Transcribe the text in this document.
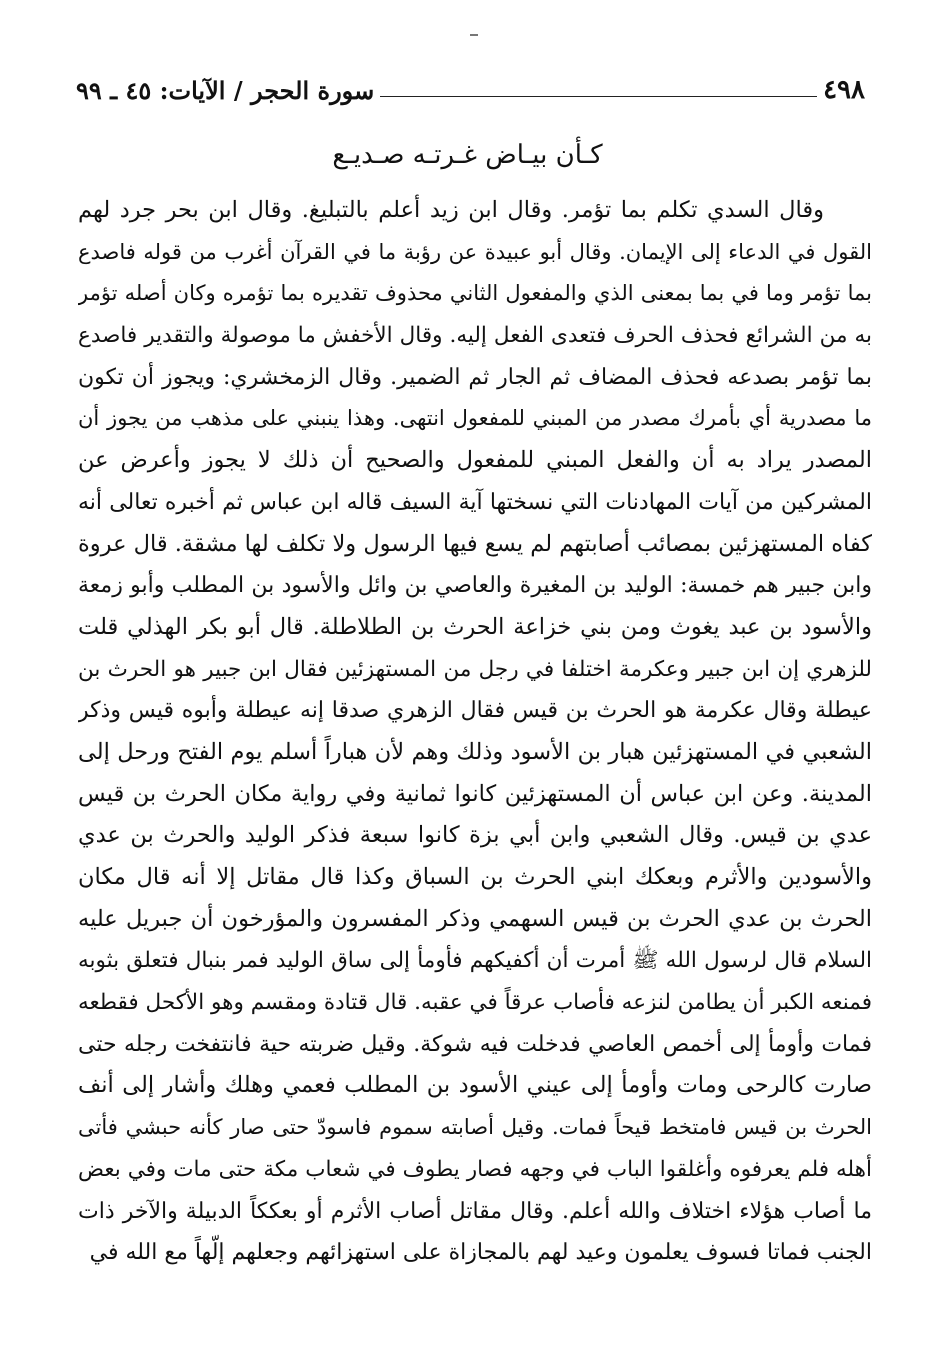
٤٩٨
سورة الحجر / الآيات: ٤٥ ـ ٩٩
كـأن بيـاض غـرتـه صـديـع
وقال السدي تكلم بما تؤمر. وقال ابن زيد أعلم بالتبليغ. وقال ابن بحر جرد لهم
القول في الدعاء إلى الإيمان. وقال أبو عبيدة عن رؤبة ما في القرآن أغرب من قوله فاصدع
بما تؤمر وما في بما بمعنى الذي والمفعول الثاني محذوف تقديره بما تؤمره وكان أصله تؤمر
به من الشرائع فحذف الحرف فتعدى الفعل إليه. وقال الأخفش ما موصولة والتقدير فاصدع
بما تؤمر بصدعه فحذف المضاف ثم الجار ثم الضمير. وقال الزمخشري: ويجوز أن تكون
ما مصدرية أي بأمرك مصدر من المبني للمفعول انتهى. وهذا ينبني على مذهب من يجوز أن
المصدر يراد به أن والفعل المبني للمفعول والصحيح أن ذلك لا يجوز وأعرض عن
المشركين من آيات المهادنات التي نسختها آية السيف قاله ابن عباس ثم أخبره تعالى أنه
كفاه المستهزئين بمصائب أصابتهم لم يسع فيها الرسول ولا تكلف لها مشقة. قال عروة
وابن جبير هم خمسة: الوليد بن المغيرة والعاصي بن وائل والأسود بن المطلب وأبو زمعة
والأسود بن عبد يغوث ومن بني خزاعة الحرث بن الطلاطلة. قال أبو بكر الهذلي قلت
للزهري إن ابن جبير وعكرمة اختلفا في رجل من المستهزئين فقال ابن جبير هو الحرث بن
عيطلة وقال عكرمة هو الحرث بن قيس فقال الزهري صدقا إنه عيطلة وأبوه قيس وذكر
الشعبي في المستهزئين هبار بن الأسود وذلك وهم لأن هباراً أسلم يوم الفتح ورحل إلى
المدينة. وعن ابن عباس أن المستهزئين كانوا ثمانية وفي رواية مكان الحرث بن قيس
عدي بن قيس. وقال الشعبي وابن أبي بزة كانوا سبعة فذكر الوليد والحرث بن عدي
والأسودين والأثرم وبعكك ابني الحرث بن السباق وكذا قال مقاتل إلا أنه قال مكان
الحرث بن عدي الحرث بن قيس السهمي وذكر المفسرون والمؤرخون أن جبريل عليه
السلام قال لرسول الله ﷺ أمرت أن أكفيكهم فأومأ إلى ساق الوليد فمر بنبال فتعلق بثوبه
فمنعه الكبر أن يطامن لنزعه فأصاب عرقاً في عقبه. قال قتادة ومقسم وهو الأكحل فقطعه
فمات وأومأ إلى أخمص العاصي فدخلت فيه شوكة. وقيل ضربته حية فانتفخت رجله حتى
صارت كالرحى ومات وأومأ إلى عيني الأسود بن المطلب فعمي وهلك وأشار إلى أنف
الحرث بن قيس فامتخط قيحاً فمات. وقيل أصابته سموم فاسودّ حتى صار كأنه حبشي فأتى
أهله فلم يعرفوه وأغلقوا الباب في وجهه فصار يطوف في شعاب مكة حتى مات وفي بعض
ما أصاب هؤلاء اختلاف والله أعلم. وقال مقاتل أصاب الأثرم أو بعككاً الدبيلة والآخر ذات
الجنب فماتا فسوف يعلمون وعيد لهم بالمجازاة على استهزائهم وجعلهم إلّهاً مع الله في
